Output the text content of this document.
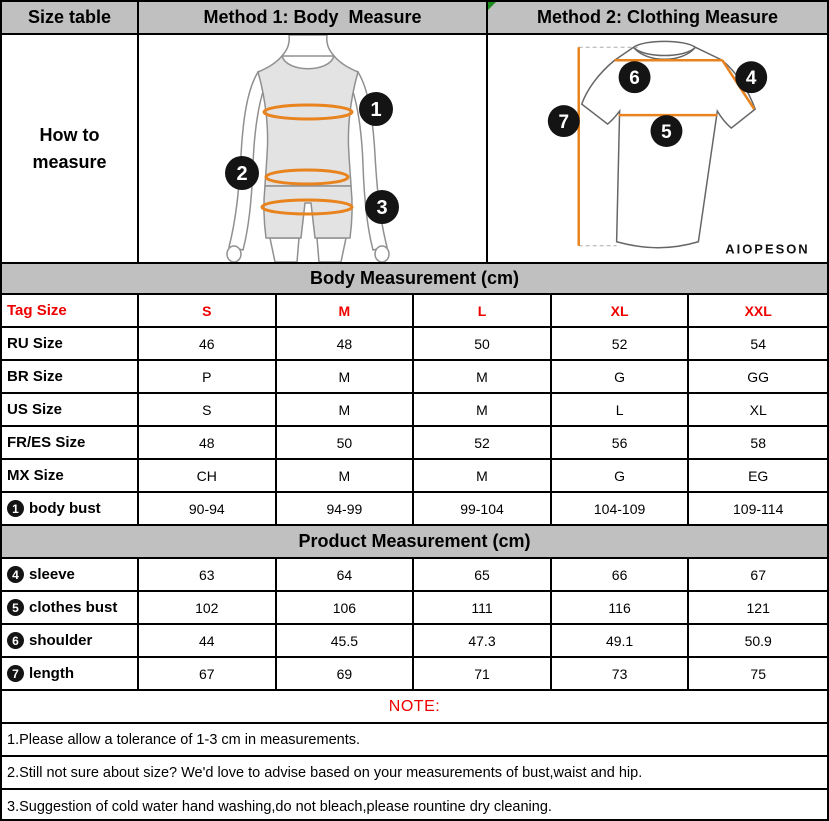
Size table	Method 1: Body  Measure	Method 2: Clothing Measure
How to measure
1
2
3
6	4
7	5
AIOPESON
Body Measurement (cm)
Tag Size	S	M	L	XL	XXL
RU Size	46	48	50	52	54
BR Size	P	M	M	G	GG
US Size	S	M	M	L	XL
FR/ES Size	48	50	52	56	58
MX Size	CH	M	M	G	EG
1 body bust	90-94	94-99	99-104	104-109	109-114
Product Measurement (cm)
4 sleeve	63	64	65	66	67
5 clothes bust	102	106	111	116	121
6 shoulder	44	45.5	47.3	49.1	50.9
7 length	67	69	71	73	75
NOTE:
1.Please allow a tolerance of 1-3 cm in measurements.
2.Still not sure about size? We'd love to advise based on your measurements of bust,waist and hip.
3.Suggestion of cold water hand washing,do not bleach,please rountine dry cleaning.
